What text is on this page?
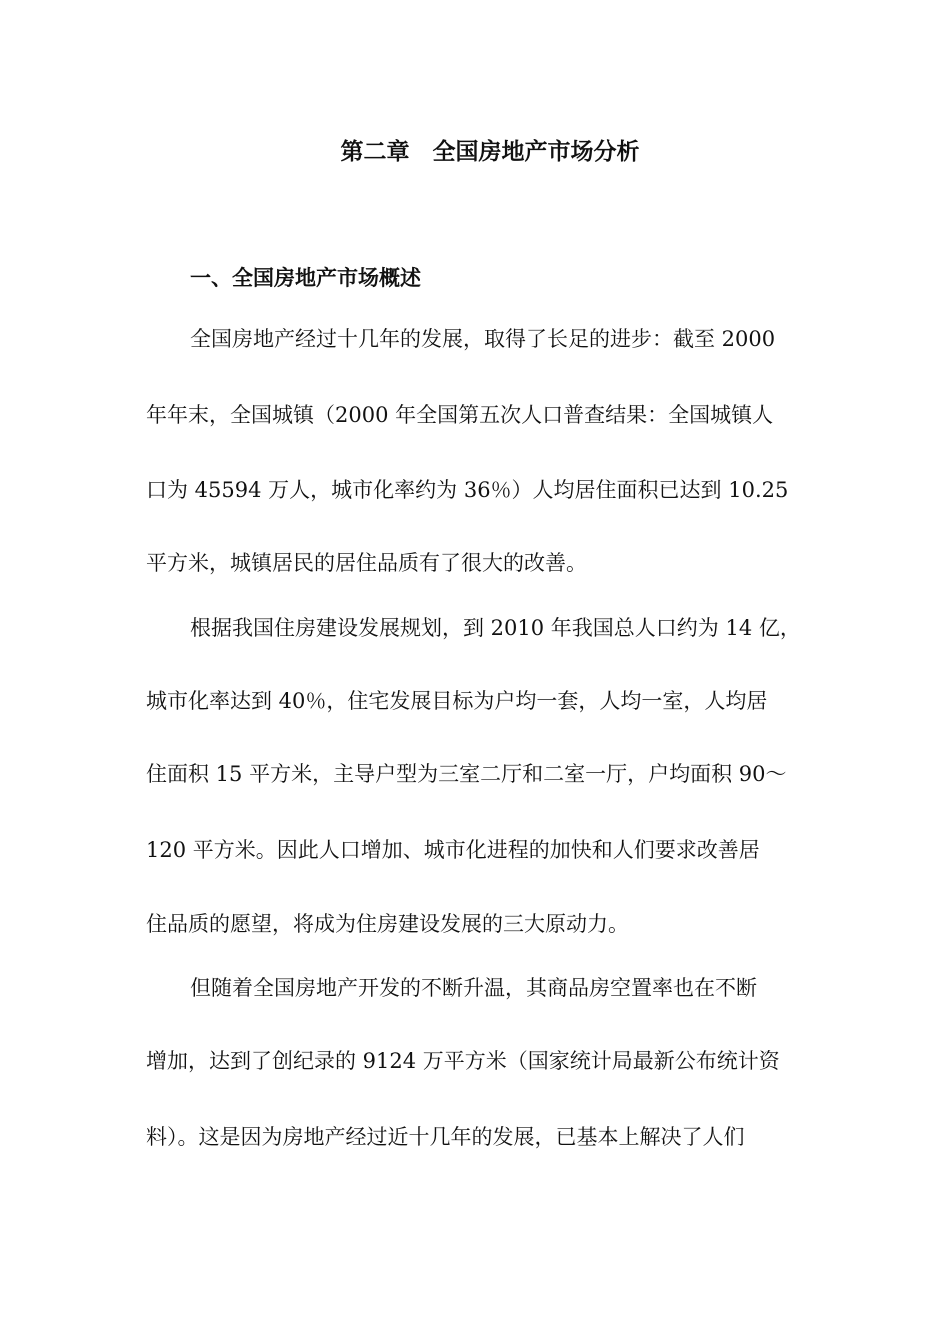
第二章　全国房地产市场分析
一、全国房地产市场概述
全国房地产经过十几年的发展，取得了长足的进步：截至 2000
年年末，全国城镇（2000 年全国第五次人口普查结果：全国城镇人
口为 45594 万人，城市化率约为 36％）人均居住面积已达到 10.25
平方米，城镇居民的居住品质有了很大的改善。
根据我国住房建设发展规划，到 2010 年我国总人口约为 14 亿，
城市化率达到 40％，住宅发展目标为户均一套，人均一室，人均居
住面积 15 平方米，主导户型为三室二厅和二室一厅，户均面积 90～
120 平方米。因此人口增加、城市化进程的加快和人们要求改善居
住品质的愿望，将成为住房建设发展的三大原动力。
但随着全国房地产开发的不断升温，其商品房空置率也在不断
增加，达到了创纪录的 9124 万平方米（国家统计局最新公布统计资
料）。这是因为房地产经过近十几年的发展，已基本上解决了人们
